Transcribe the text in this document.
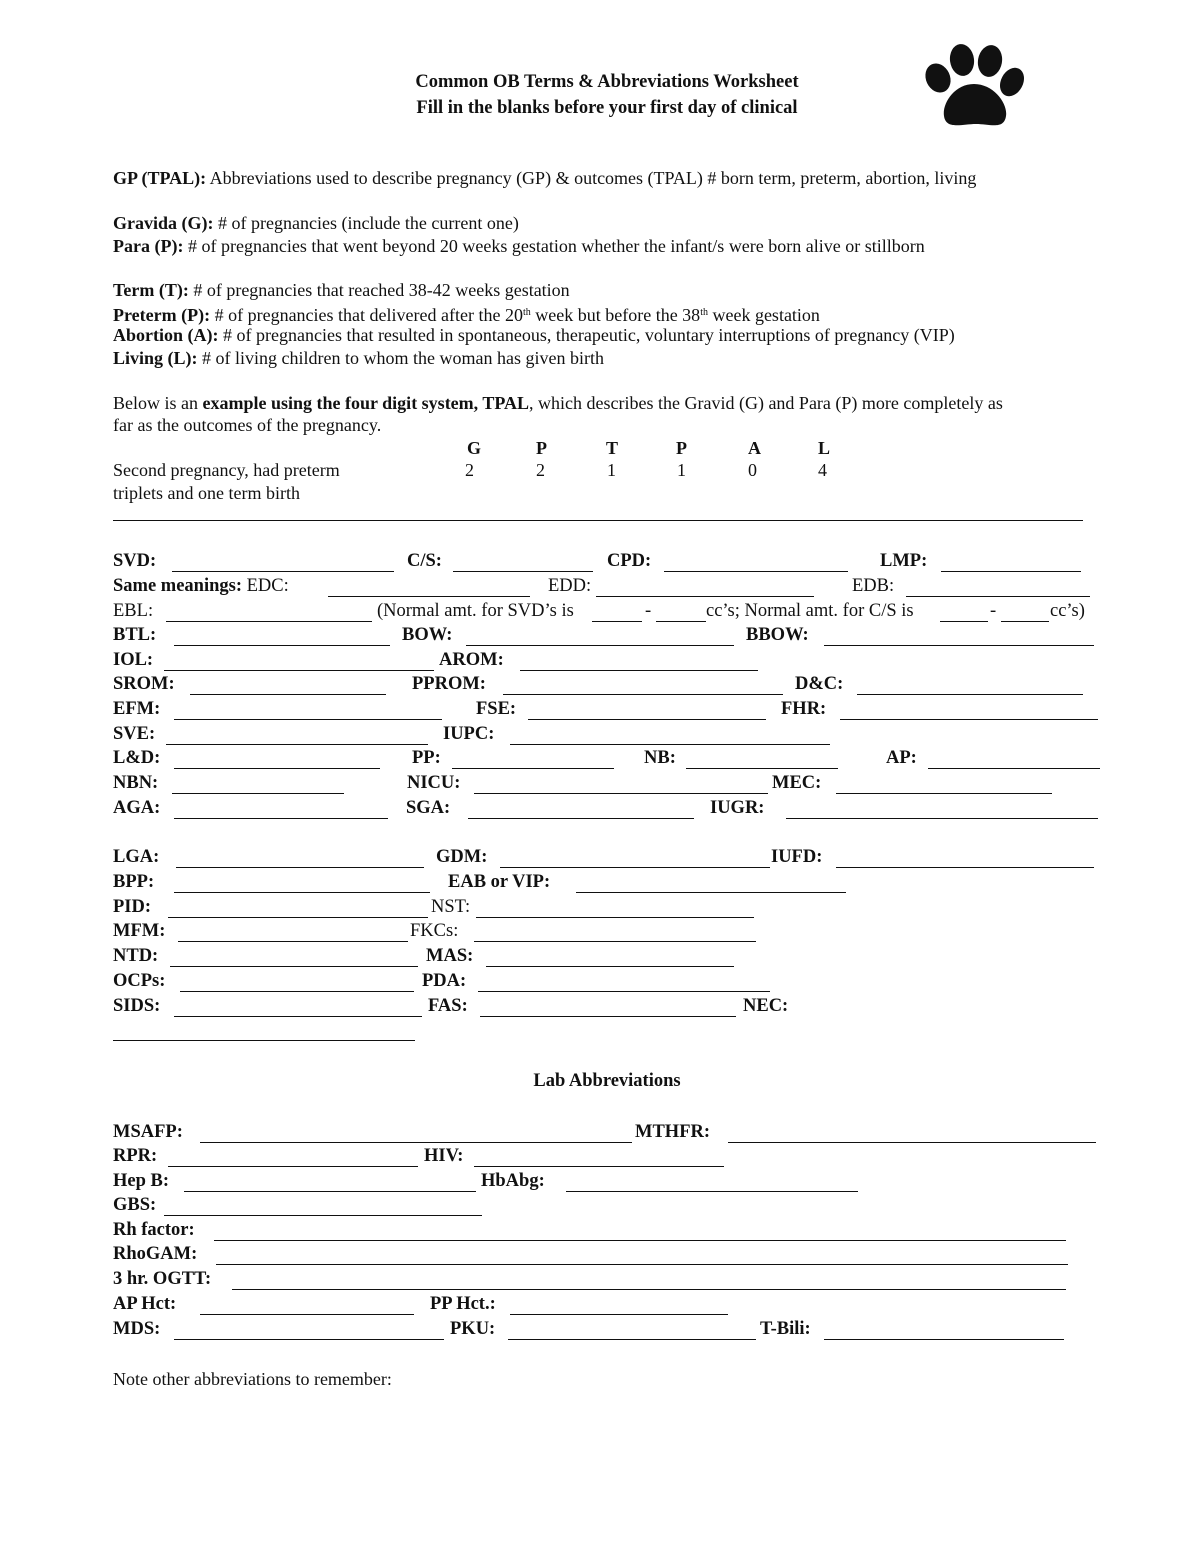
Common OB Terms & Abbreviations Worksheet
Fill in the blanks before your first day of clinical
GP (TPAL): Abbreviations used to describe pregnancy (GP) & outcomes (TPAL) # born term, preterm, abortion, living
Gravida (G): # of pregnancies (include the current one)
Para (P): # of pregnancies that went beyond 20 weeks gestation whether the infant/s were born alive or stillborn
Term (T): # of pregnancies that reached 38-42 weeks gestation
Preterm (P): # of pregnancies that delivered after the 20th week but before the 38th week gestation
Abortion (A): # of pregnancies that resulted in spontaneous, therapeutic, voluntary interruptions of pregnancy (VIP)
Living (L): # of living children to whom the woman has given birth
Below is an example using the four digit system, TPAL, which describes the Gravid (G) and Para (P) more completely as
far as the outcomes of the pregnancy.
G	P	T	P	A	L
Second pregnancy, had preterm
triplets and one term birth
2	2	1	1	0	4
SVD:	C/S:	CPD:	LMP:
Same meanings: EDC:	EDD:	EDB:
EBL:	(Normal amt. for SVD’s is	-	cc’s; Normal amt. for C/S is	-	cc’s)
BTL:	BOW:	BBOW:
IOL:	AROM:
SROM:	PPROM:	D&C:
EFM:	FSE:	FHR:
SVE:	IUPC:
L&D:	PP:	NB:	AP:
NBN:	NICU:	MEC:
AGA:	SGA:	IUGR:
LGA:	GDM:	IUFD:
BPP:	EAB or VIP:
PID:	NST:
MFM:	FKCs:
NTD:	MAS:
OCPs:	PDA:
SIDS:	FAS:	NEC:
Lab Abbreviations
MSAFP:	MTHFR:
RPR:	HIV:
Hep B:	HbAbg:
GBS:
Rh factor:
RhoGAM:
3 hr. OGTT:
AP Hct:	PP Hct.:
MDS:	PKU:	T-Bili:
Note other abbreviations to remember:
